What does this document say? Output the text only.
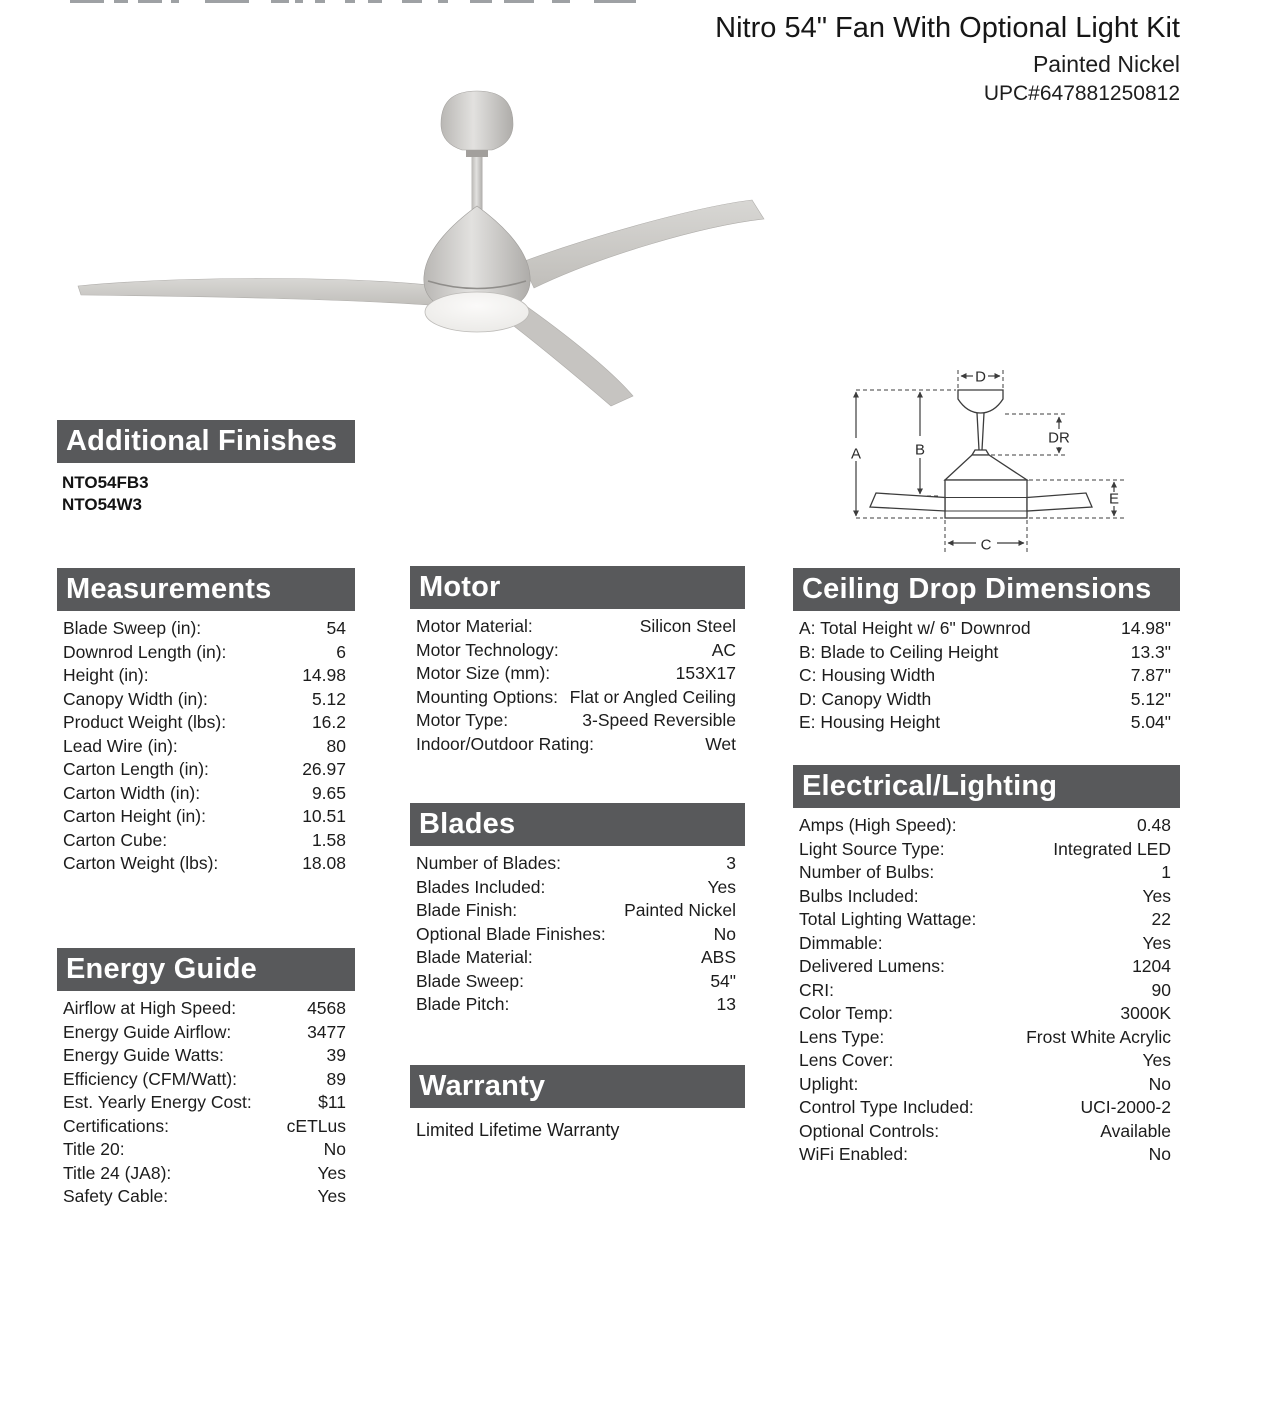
Nitro 54" Fan With Optional Light Kit
Painted Nickel
UPC#647881250812
A	B
D
DR
E
C
Additional Finishes
NTO54FB3
NTO54W3
Measurements
Blade Sweep (in):	54
Downrod Length (in):	6
Height (in):	14.98
Canopy Width (in):	5.12
Product Weight (lbs):	16.2
Lead Wire (in):	80
Carton Length (in):	26.97
Carton Width (in):	9.65
Carton Height (in):	10.51
Carton Cube:	1.58
Carton Weight (lbs):	18.08
Energy Guide
Airflow at High Speed:	4568
Energy Guide Airflow:	3477
Energy Guide Watts:	39
Efficiency (CFM/Watt):	89
Est. Yearly Energy Cost:	$11
Certifications:	cETLus
Title 20:	No
Title 24 (JA8):	Yes
Safety Cable:	Yes
Motor
Motor Material:	Silicon Steel
Motor Technology:	AC
Motor Size (mm):	153X17
Mounting Options: Flat or Angled Ceiling
Motor Type:	3-Speed Reversible
Indoor/Outdoor Rating:	Wet
Blades
Number of Blades:	3
Blades Included:	Yes
Blade Finish:	Painted Nickel
Optional Blade Finishes:	No
Blade Material:	ABS
Blade Sweep:	54"
Blade Pitch:	13
Warranty
Limited Lifetime Warranty
Ceiling Drop Dimensions
A: Total Height w/ 6" Downrod	14.98"
B: Blade to Ceiling Height	13.3"
C: Housing Width	7.87"
D: Canopy Width	5.12"
E: Housing Height	5.04"
Electrical/Lighting
Amps (High Speed):	0.48
Light Source Type:	Integrated LED
Number of Bulbs:	1
Bulbs Included:	Yes
Total Lighting Wattage:	22
Dimmable:	Yes
Delivered Lumens:	1204
CRI:	90
Color Temp:	3000K
Lens Type:	Frost White Acrylic
Lens Cover:	Yes
Uplight:	No
Control Type Included:	UCI-2000-2
Optional Controls:	Available
WiFi Enabled:	No
